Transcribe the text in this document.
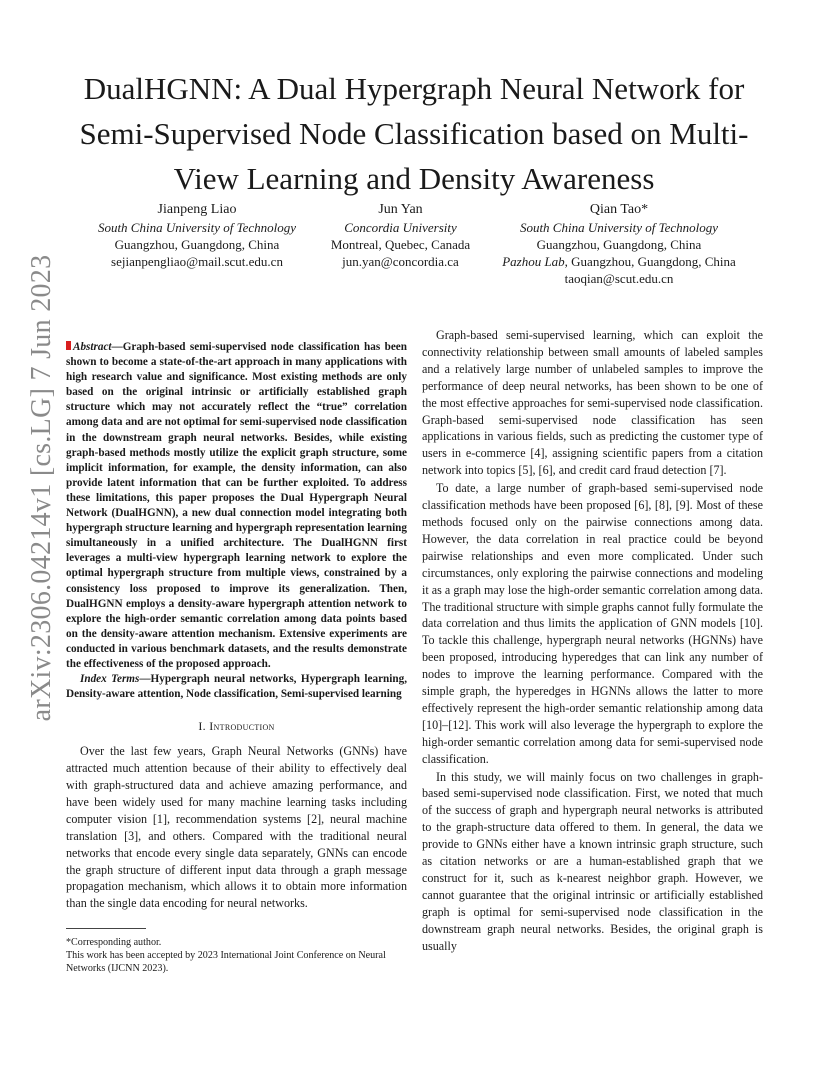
DualHGNN: A Dual Hypergraph Neural Network for Semi-Supervised Node Classification based on Multi-View Learning and Density Awareness
Jianpeng Liao
South China University of Technology
Guangzhou, Guangdong, China
sejianpengliao@mail.scut.edu.cn
Jun Yan
Concordia University
Montreal, Quebec, Canada
jun.yan@concordia.ca
Qian Tao*
South China University of Technology
Guangzhou, Guangdong, China
Pazhou Lab, Guangzhou, Guangdong, China
taoqian@scut.edu.cn
arXiv:2306.04214v1 [cs.LG] 7 Jun 2023	Abstract—Graph-based semi-supervised node classification has been shown to become a state-of-the-art approach in many applications with high research value and significance. Most existing methods are only based on the original intrinsic or artificially established graph structure which may not accurately reflect the “true” correlation among data and are not optimal for semi-supervised node classification in the downstream graph neural networks. Besides, while existing graph-based methods mostly utilize the explicit graph structure, some implicit information, for example, the density information, can also provide latent information that can be further exploited. To address these limitations, this paper proposes the Dual Hypergraph Neural Network (DualHGNN), a new dual connection model integrating both hypergraph structure learning and hypergraph representation learning simultaneously in a unified architecture. The DualHGNN first leverages a multi-view hypergraph learning network to explore the optimal hypergraph structure from multiple views, constrained by a consistency loss proposed to improve its generalization. Then, DualHGNN employs a density-aware hypergraph attention network to explore the high-order semantic correlation among data points based on the density-aware attention mechanism. Extensive experiments are conducted in various benchmark datasets, and the results demonstrate the effectiveness of the proposed approach.

Index Terms—Hypergraph neural networks, Hypergraph learning, Density-aware attention, Node classification, Semi-supervised learning

I. Introduction

Over the last few years, Graph Neural Networks (GNNs) have attracted much attention because of their ability to effectively deal with graph-structured data and achieve amazing performance, and have been widely used for many machine learning tasks including computer vision [1], recommendation systems [2], neural machine translation [3], and others. Compared with the traditional neural networks that encode every single data separately, GNNs can encode the graph structure of different input data through a graph message propagation mechanism, which allows it to obtain more information than the single data encoding for neural networks.

*Corresponding author.
This work has been accepted by 2023 International Joint Conference on Neural Networks (IJCNN 2023).

Graph-based semi-supervised learning, which can exploit the connectivity relationship between small amounts of labeled samples and a relatively large number of unlabeled samples to improve the performance of deep neural networks, has been shown to be one of the most effective approaches for semi-supervised node classification. Graph-based semi-supervised node classification has seen applications in various fields, such as predicting the customer type of users in e-commerce [4], assigning scientific papers from a citation network into topics [5], [6], and credit card fraud detection [7].

To date, a large number of graph-based semi-supervised node classification methods have been proposed [6], [8], [9]. Most of these methods focused only on the pairwise connections among data. However, the data correlation in real practice could be beyond pairwise relationships and even more complicated. Under such circumstances, only exploring the pairwise connections and modeling it as a graph may lose the high-order semantic correlation among data. The traditional structure with simple graphs cannot fully formulate the data correlation and thus limits the application of GNN models [10]. To tackle this challenge, hypergraph neural networks (HGNNs) have been proposed, introducing hyperedges that can link any number of nodes to improve the learning performance. Compared with the simple graph, the hyperedges in HGNNs allows the latter to more effectively represent the high-order semantic relationship among data [10]–[12]. This work will also leverage the hypergraph to explore the high-order semantic correlation among data for semi-supervised node classification.

In this study, we will mainly focus on two challenges in graph-based semi-supervised node classification. First, we noted that much of the success of graph and hypergraph neural networks is attributed to the graph-structure data offered to them. In general, the data we provide to GNNs either have a known intrinsic graph structure, such as citation networks or are a human-established graph that we construct for it, such as k-nearest neighbor graph. However, we cannot guarantee that the original intrinsic or artificially established graph is optimal for semi-supervised node classification in the downstream graph neural networks. Besides, the original graph is usually
